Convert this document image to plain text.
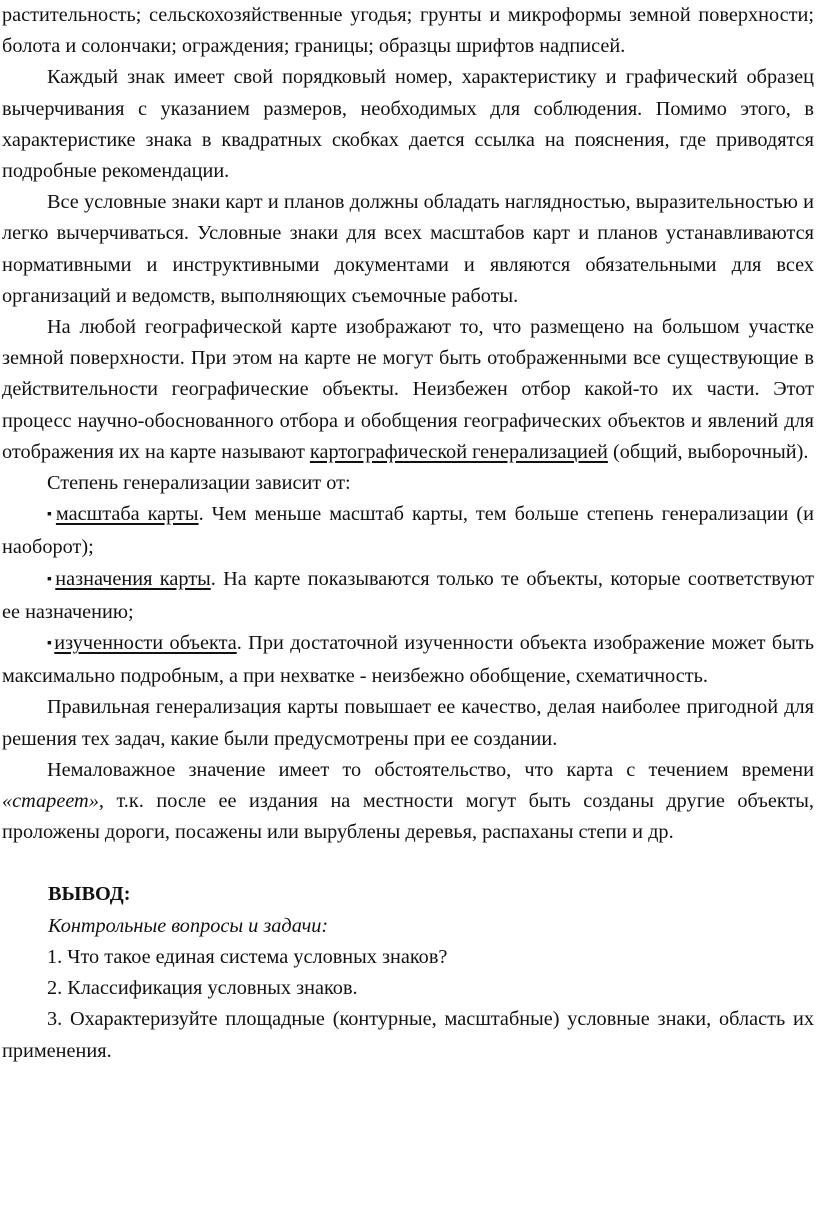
растительность; сельскохозяйственные угодья; грунты и микроформы земной поверхности; болота и солончаки; ограждения; границы; образцы шрифтов надписей.

Каждый знак имеет свой порядковый номер, характеристику и графический образец вычерчивания с указанием размеров, необходимых для соблюдения. Помимо этого, в характеристике знака в квадратных скобках дается ссылка на пояснения, где приводятся подробные рекомендации.

Все условные знаки карт и планов должны обладать наглядностью, выразительностью и легко вычерчиваться. Условные знаки для всех масштабов карт и планов устанавливаются нормативными и инструктивными документами и являются обязательными для всех организаций и ведомств, выполняющих съемочные работы.

На любой географической карте изображают то, что размещено на большом участке земной поверхности. При этом на карте не могут быть отображенными все существующие в действительности географические объекты. Неизбежен отбор какой-то их части. Этот процесс научно-обоснованного отбора и обобщения географических объектов и явлений для отображения их на карте называют картографической генерализацией (общий, выборочный).

Степень генерализации зависит от:

▪ масштаба карты. Чем меньше масштаб карты, тем больше степень генерализации (и наоборот);

▪ назначения карты. На карте показываются только те объекты, которые соответствуют ее назначению;

▪ изученности объекта. При достаточной изученности объекта изображение может быть максимально подробным, а при нехватке - неизбежно обобщение, схематичность.

Правильная генерализация карты повышает ее качество, делая наиболее пригодной для решения тех задач, какие были предусмотрены при ее создании.

Немаловажное значение имеет то обстоятельство, что карта с течением времени «стареет», т.к. после ее издания на местности могут быть созданы другие объекты, проложены дороги, посажены или вырублены деревья, распаханы степи и др.

ВЫВОД:

Контрольные вопросы и задачи:

1. Что такое единая система условных знаков?

2. Классификация условных знаков.

3. Охарактеризуйте площадные (контурные, масштабные) условные знаки, область их применения.
